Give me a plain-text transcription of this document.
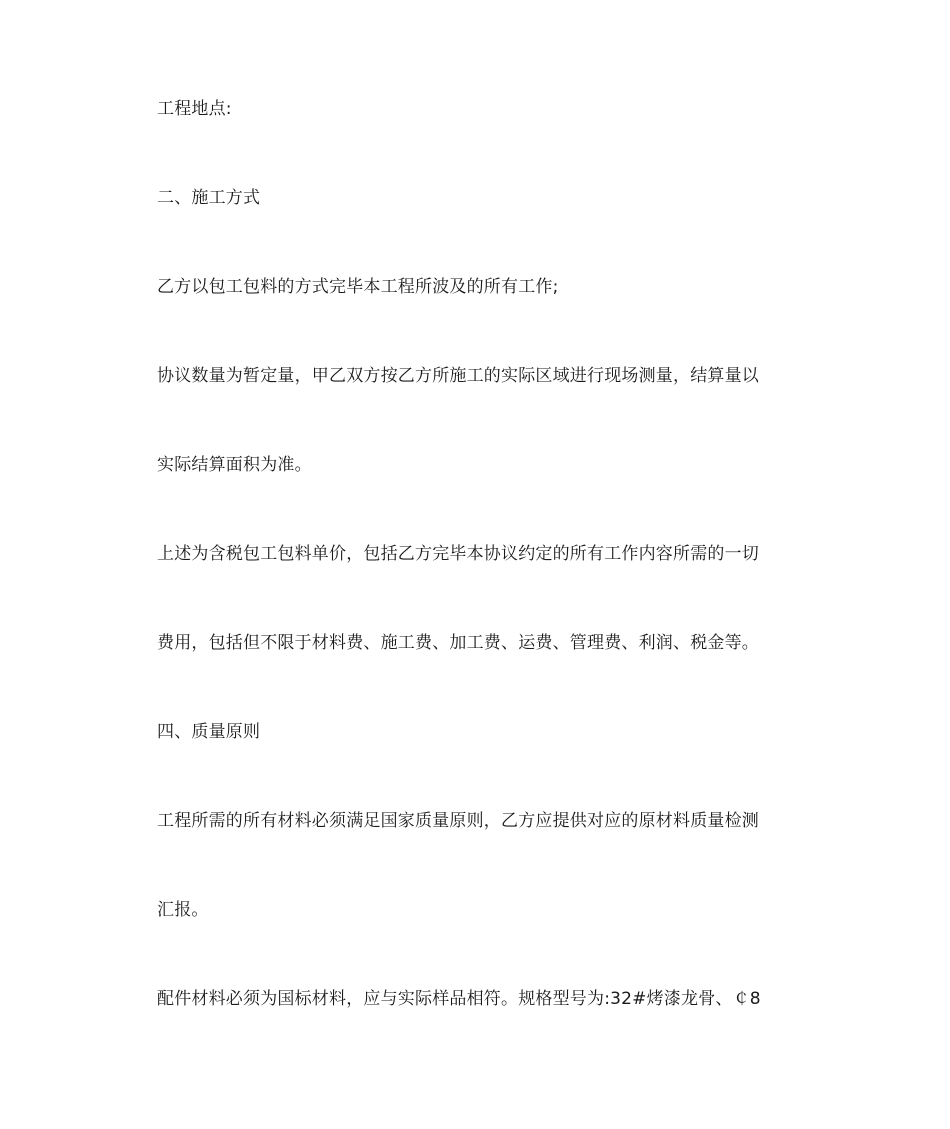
工程地点:
二、施工方式
乙方以包工包料的方式完毕本工程所波及的所有工作;
协议数量为暂定量，甲乙双方按乙方所施工的实际区域进行现场测量，结算量以
实际结算面积为准。
上述为含税包工包料单价，包括乙方完毕本协议约定的所有工作内容所需的一切
费用，包括但不限于材料费、施工费、加工费、运费、管理费、利润、税金等。
四、质量原则
工程所需的所有材料必须满足国家质量原则，乙方应提供对应的原材料质量检测
汇报。
配件材料必须为国标材料，应与实际样品相符。规格型号为:32#烤漆龙骨、￠8
